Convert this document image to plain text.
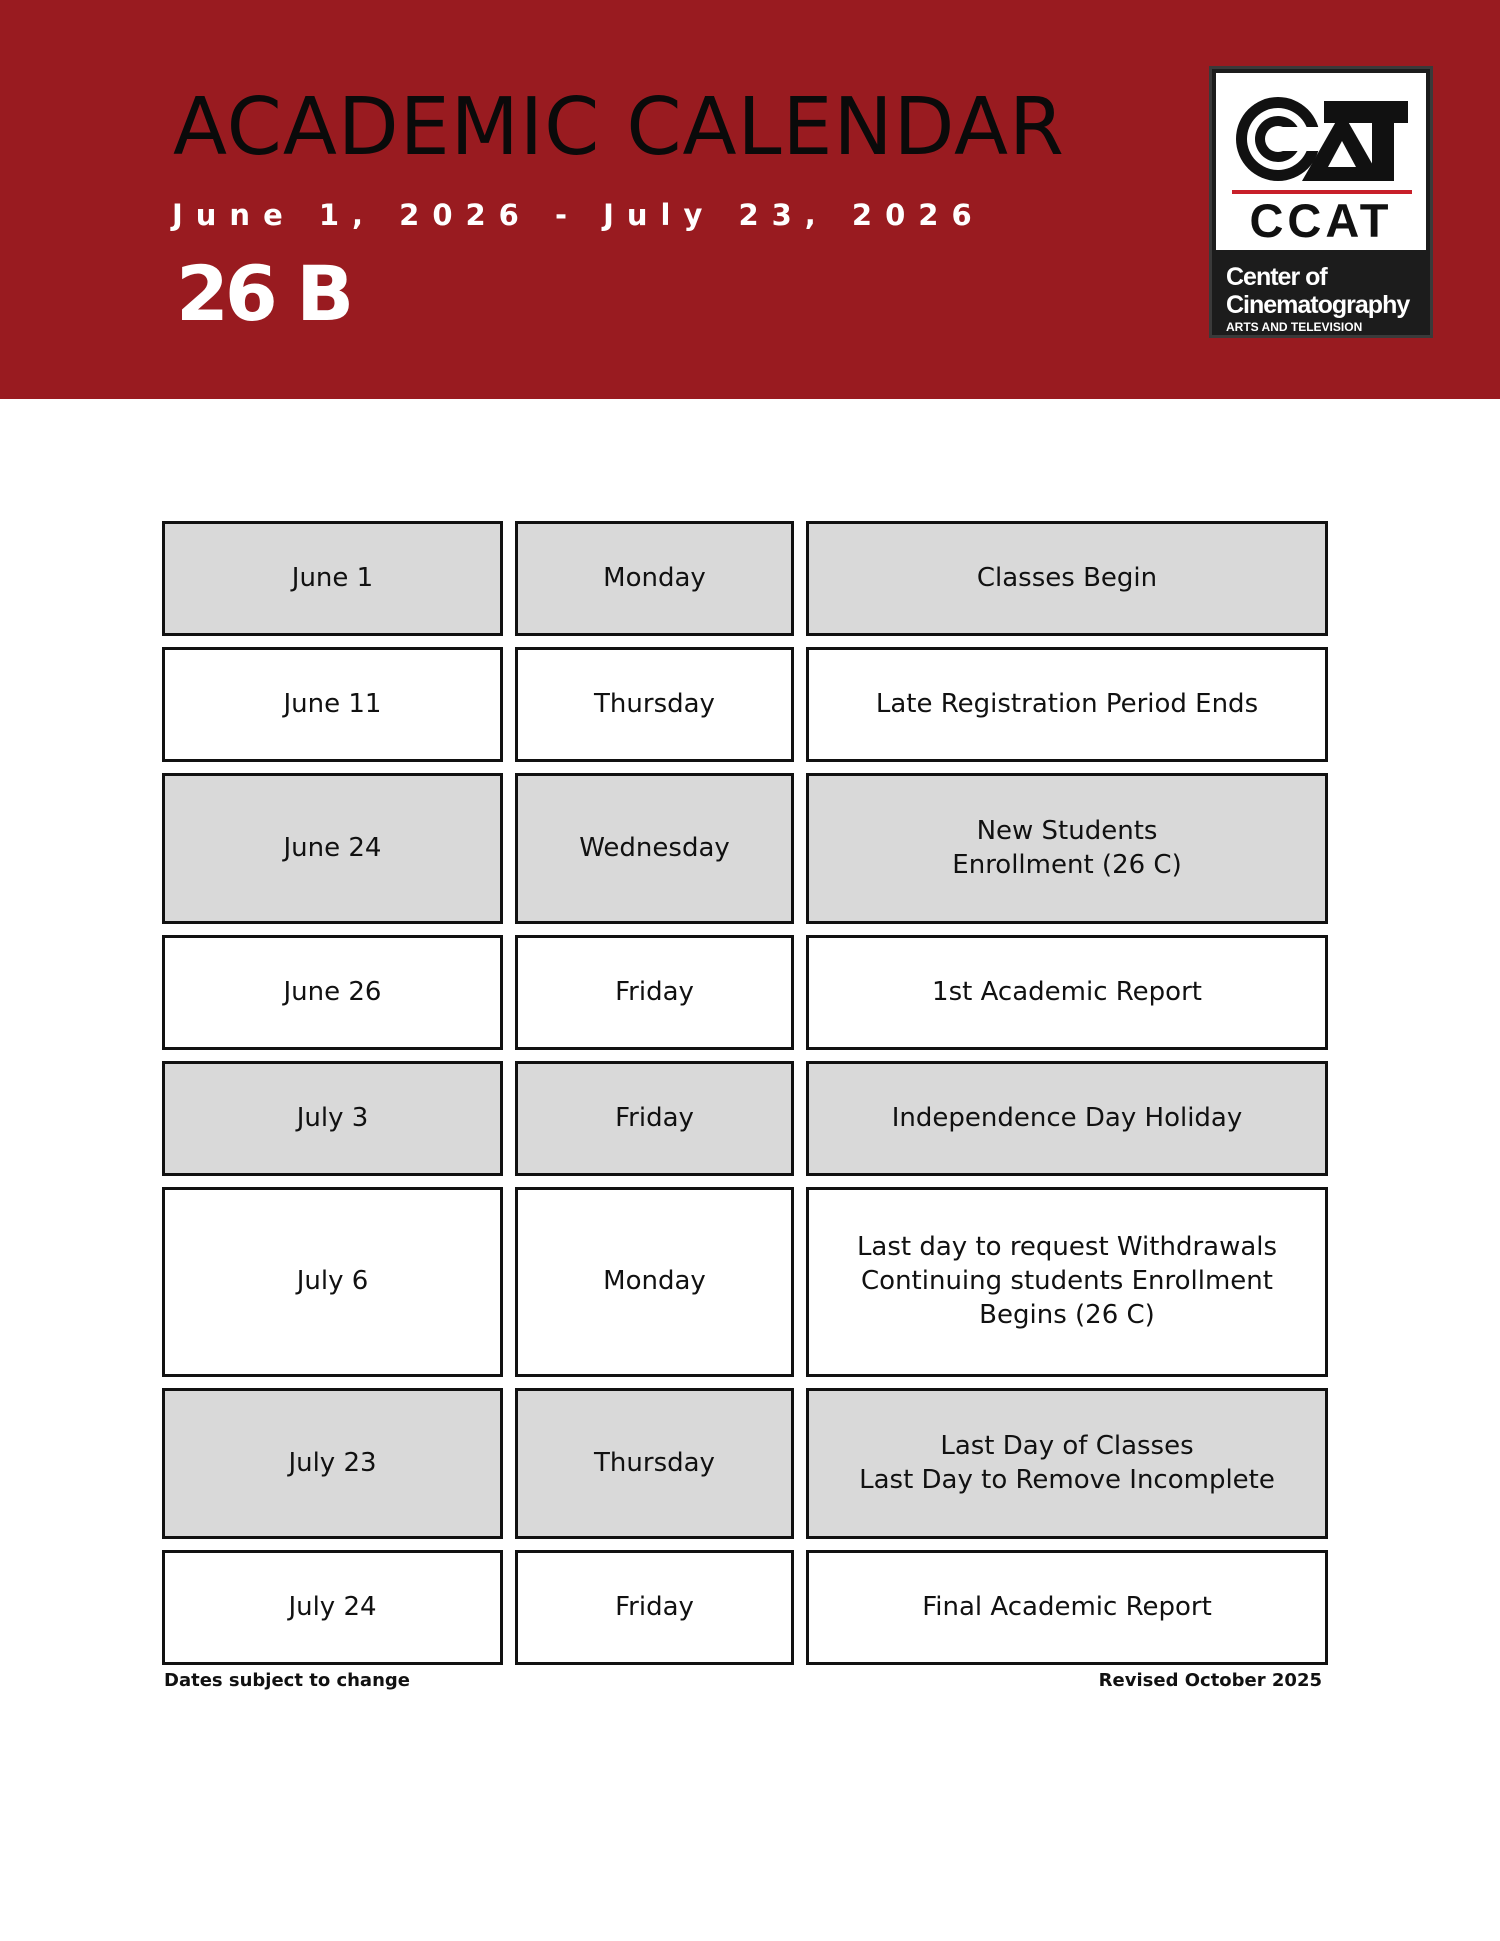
ACADEMIC CALENDAR
June 1, 2026 - July 23, 2026
26 B
CCAT
Center of
Cinematography
ARTS AND TELEVISION
June 1	Monday	Classes Begin
June 11	Thursday	Late Registration Period Ends
June 24	Wednesday
New Students
Enrollment (26 C)
June 26	Friday	1st Academic Report
July 3	Friday	Independence Day Holiday
July 6	Monday
Last day to request Withdrawals
Continuing students Enrollment
Begins (26 C)
July 23	Thursday
Last Day of Classes
Last Day to Remove Incomplete
July 24	Friday	Final Academic Report
Dates subject to change	Revised October 2025
